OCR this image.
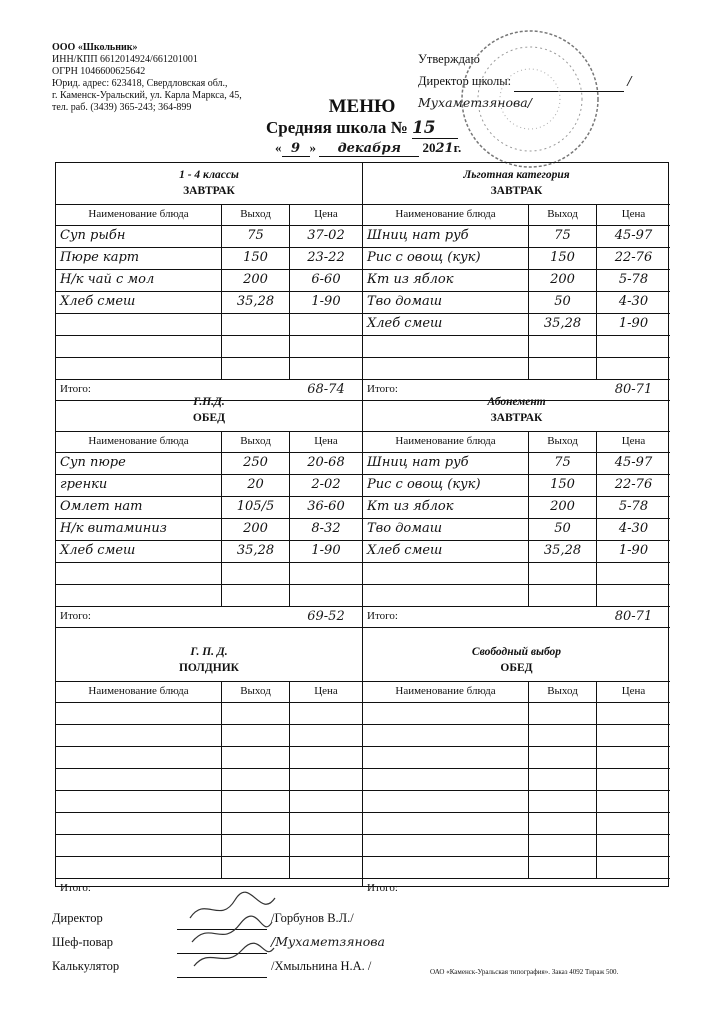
ООО «Школьник»
ИНН/КПП 6612014924/661201001
ОГРН 1046600625642
Юрид. адрес: 623418, Свердловская обл.,
г. Каменск-Уральский, ул. Карла Маркса, 45,
тел. раб. (3439) 365-243; 364-899
Утверждаю
Директор школы:	/Мухаметзянова/
МЕНЮ
Средняя школа № 15
« 9 » декабря 2021г.
1 - 4 классы
ЗАВТРАК
Наименование блюда	Выход	Цена
Суп рыбн	75	37-02
Пюре карт	150	23-22
Н/к чай с мол	200	6-60
Хлеб смеш	35,28	1-90
Итого:	68-74
Г.П.Д.
ОБЕД
Наименование блюда	Выход	Цена
Суп пюре	250	20-68
гренки	20	2-02
Омлет нат	105/5	36-60
Н/к витаминиз	200	8-32
Хлеб смеш	35,28	1-90
Итого:	69-52
Г. П. Д.
ПОЛДНИК
Наименование блюда	Выход	Цена
Итого:
Льготная категория
ЗАВТРАК
Наименование блюда	Выход	Цена
Шниц нат руб	75	45-97
Рис с овощ (кук)	150	22-76
Кт из яблок	200	5-78
Тво домаш	50	4-30
Хлеб смеш	35,28	1-90
Итого:	80-71
Абонемент
ЗАВТРАК
Наименование блюда	Выход	Цена
Шниц нат руб	75	45-97
Рис с овощ (кук)	150	22-76
Кт из яблок	200	5-78
Тво домаш	50	4-30
Хлеб смеш	35,28	1-90
Итого:	80-71
Свободный выбор
ОБЕД
Наименование блюда	Выход	Цена
Итого:
Директор	/Горбунов В.Л./
Шеф-повар	/Мухаметзянова
Калькулятор	/Хмыльнина Н.А. /	ОАО «Каменск-Уральская типография». Заказ 4092 Тираж 500.
